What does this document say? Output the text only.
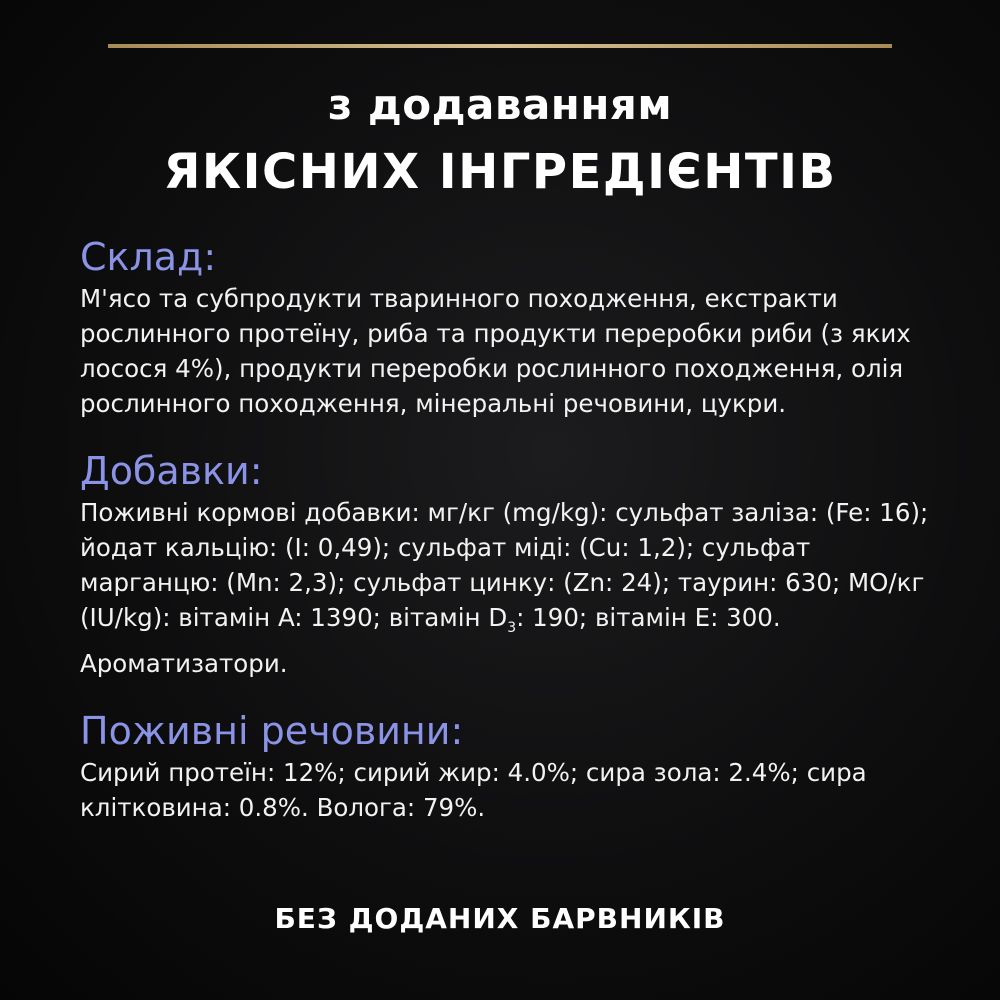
з додаванням
ЯКІСНИХ ІНГРЕДІЄНТІВ
Склад:
М'ясо та субпродукти тваринного походження, екстракти рослинного протеїну, риба та продукти переробки риби (з яких лосося 4%), продукти переробки рослинного походження, олія рослинного походження, мінеральні речовини, цукри.
Добавки:
Поживні кормові добавки: мг/кг (mg/kg): сульфат заліза: (Fe: 16); йодат кальцію: (I: 0,49); сульфат міді: (Cu: 1,2); сульфат марганцю: (Mn: 2,3); сульфат цинку: (Zn: 24); таурин: 630; МО/кг (IU/kg): вітамін A: 1390; вітамін $D_3$: 190; вітамін E: 300. Ароматизатори.
Поживні речовини:
Сирий протеїн: 12%; сирий жир: 4.0%; сира зола: 2.4%; сира клітковина: 0.8%. Волога: 79%.
БЕЗ ДОДАНИХ БАРВНИКІВ
